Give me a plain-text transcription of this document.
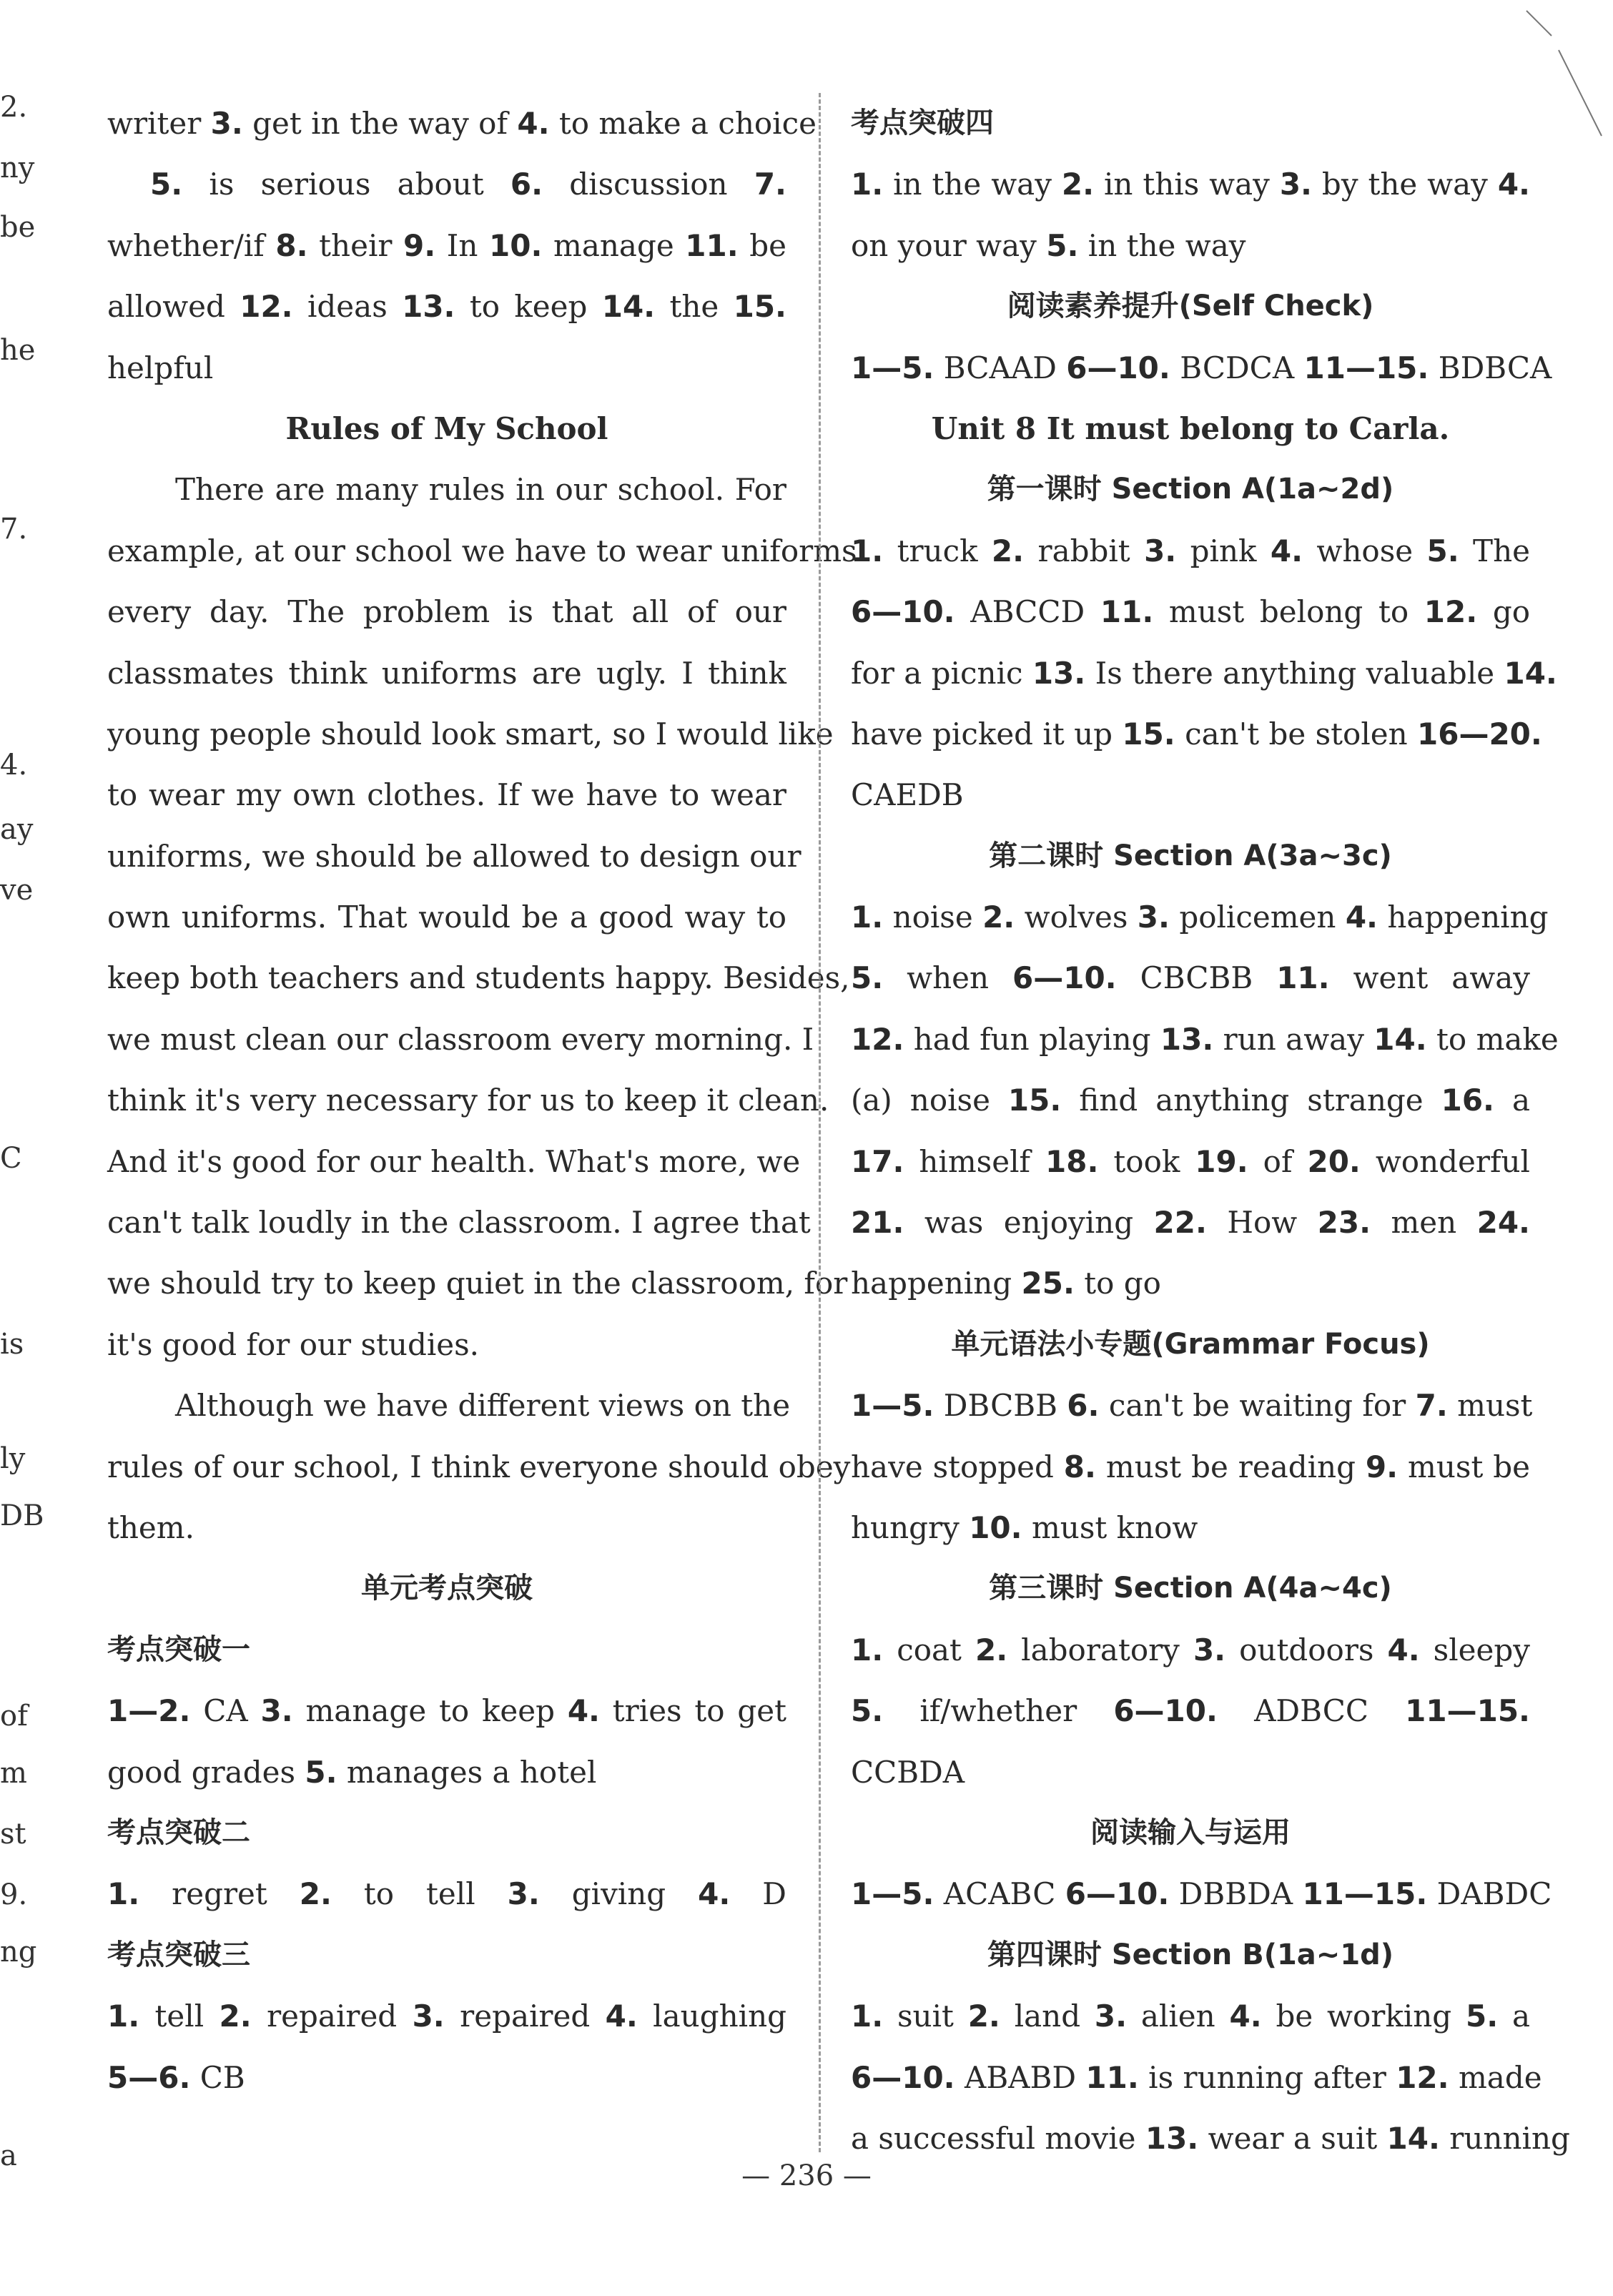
2.
ny
be
he
7.
4.
ay
ve
C
is
ly
DB
of
m
st
9.
ng
a
writer 3. get in the way of 4. to make a choice
5. is serious about 6. discussion 7.
whether/if 8. their 9. In 10. manage 11. be
allowed 12. ideas 13. to keep 14. the 15.
helpful
Rules of My School
There are many rules in our school. For
example, at our school we have to wear uniforms
every day. The problem is that all of our
classmates think uniforms are ugly. I think
young people should look smart, so I would like
to wear my own clothes. If we have to wear
uniforms, we should be allowed to design our
own uniforms. That would be a good way to
keep both teachers and students happy. Besides,
we must clean our classroom every morning. I
think it's very necessary for us to keep it clean.
And it's good for our health. What's more, we
can't talk loudly in the classroom. I agree that
we should try to keep quiet in the classroom, for
it's good for our studies.
Although we have different views on the
rules of our school, I think everyone should obey
them.
单元考点突破
考点突破一
1—2. CA 3. manage to keep 4. tries to get
good grades 5. manages a hotel
考点突破二
1. regret 2. to tell 3. giving 4. D
考点突破三
1. tell 2. repaired 3. repaired 4. laughing
5—6. CB
考点突破四
1. in the way 2. in this way 3. by the way 4.
on your way 5. in the way
阅读素养提升(Self Check)
1—5. BCAAD 6—10. BCDCA 11—15. BDBCA
Unit 8 It must belong to Carla.
第一课时 Section A(1a~2d)
1. truck 2. rabbit 3. pink 4. whose 5. The
6—10. ABCCD 11. must belong to 12. go
for a picnic 13. Is there anything valuable 14.
have picked it up 15. can't be stolen 16—20.
CAEDB
第二课时 Section A(3a~3c)
1. noise 2. wolves 3. policemen 4. happening
5. when 6—10. CBCBB 11. went away
12. had fun playing 13. run away 14. to make
(a) noise 15. find anything strange 16. a
17. himself 18. took 19. of 20. wonderful
21. was enjoying 22. How 23. men 24.
happening 25. to go
单元语法小专题(Grammar Focus)
1—5. DBCBB 6. can't be waiting for 7. must
have stopped 8. must be reading 9. must be
hungry 10. must know
第三课时 Section A(4a~4c)
1. coat 2. laboratory 3. outdoors 4. sleepy
5. if/whether 6—10. ADBCC 11—15.
CCBDA
阅读输入与运用
1—5. ACABC 6—10. DBBDA 11—15. DABDC
第四课时 Section B(1a~1d)
1. suit 2. land 3. alien 4. be working 5. a
6—10. ABABD 11. is running after 12. made
a successful movie 13. wear a suit 14. running
— 236 —
